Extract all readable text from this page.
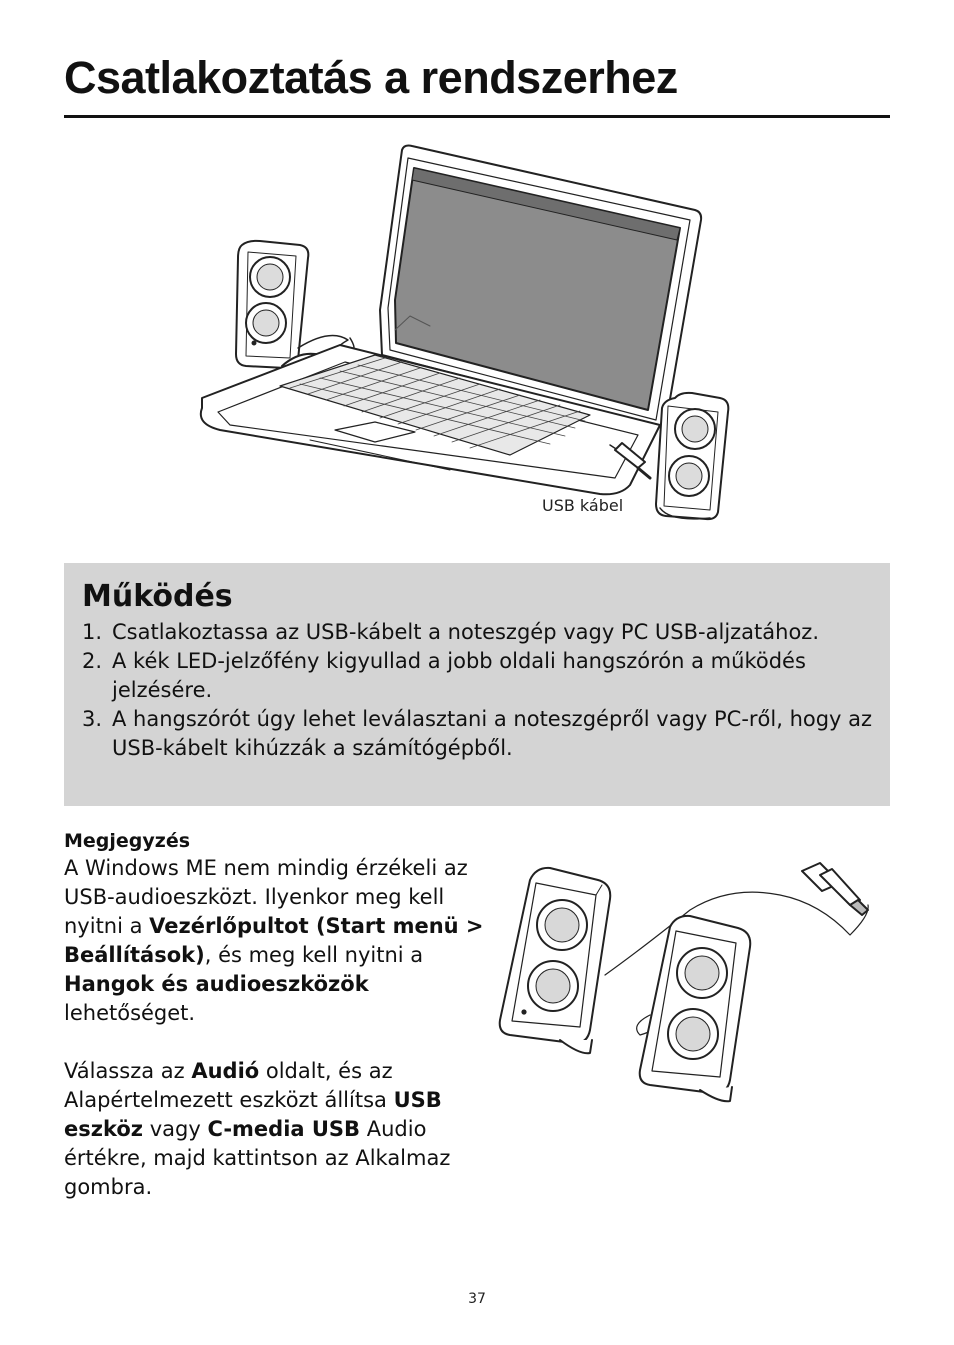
Csatlakoztatás a rendszerhez
USB kábel
Működés
1. Csatlakoztassa az USB-kábelt a noteszgép vagy PC USB-aljzatához.
2. A kék LED-jelzőfény kigyullad a jobb oldali hangszórón a működés jelzésére.
3. A hangszórót úgy lehet leválasztani a noteszgépről vagy PC-ről, hogy az USB-kábelt kihúzzák a számítógépből.
Megjegyzés

A Windows ME nem mindig érzékeli az USB-audioeszközt. Ilyenkor meg kell nyitni a Vezérlőpultot (Start menü > Beállítások), és meg kell nyitni a Hangok és audioeszközök lehetőséget.

Válassza az Audió oldalt, és az Alapértelmezett eszközt állítsa USB eszköz vagy C-media USB Audio értékre, majd kattintson az Alkalmaz gombra.

37
